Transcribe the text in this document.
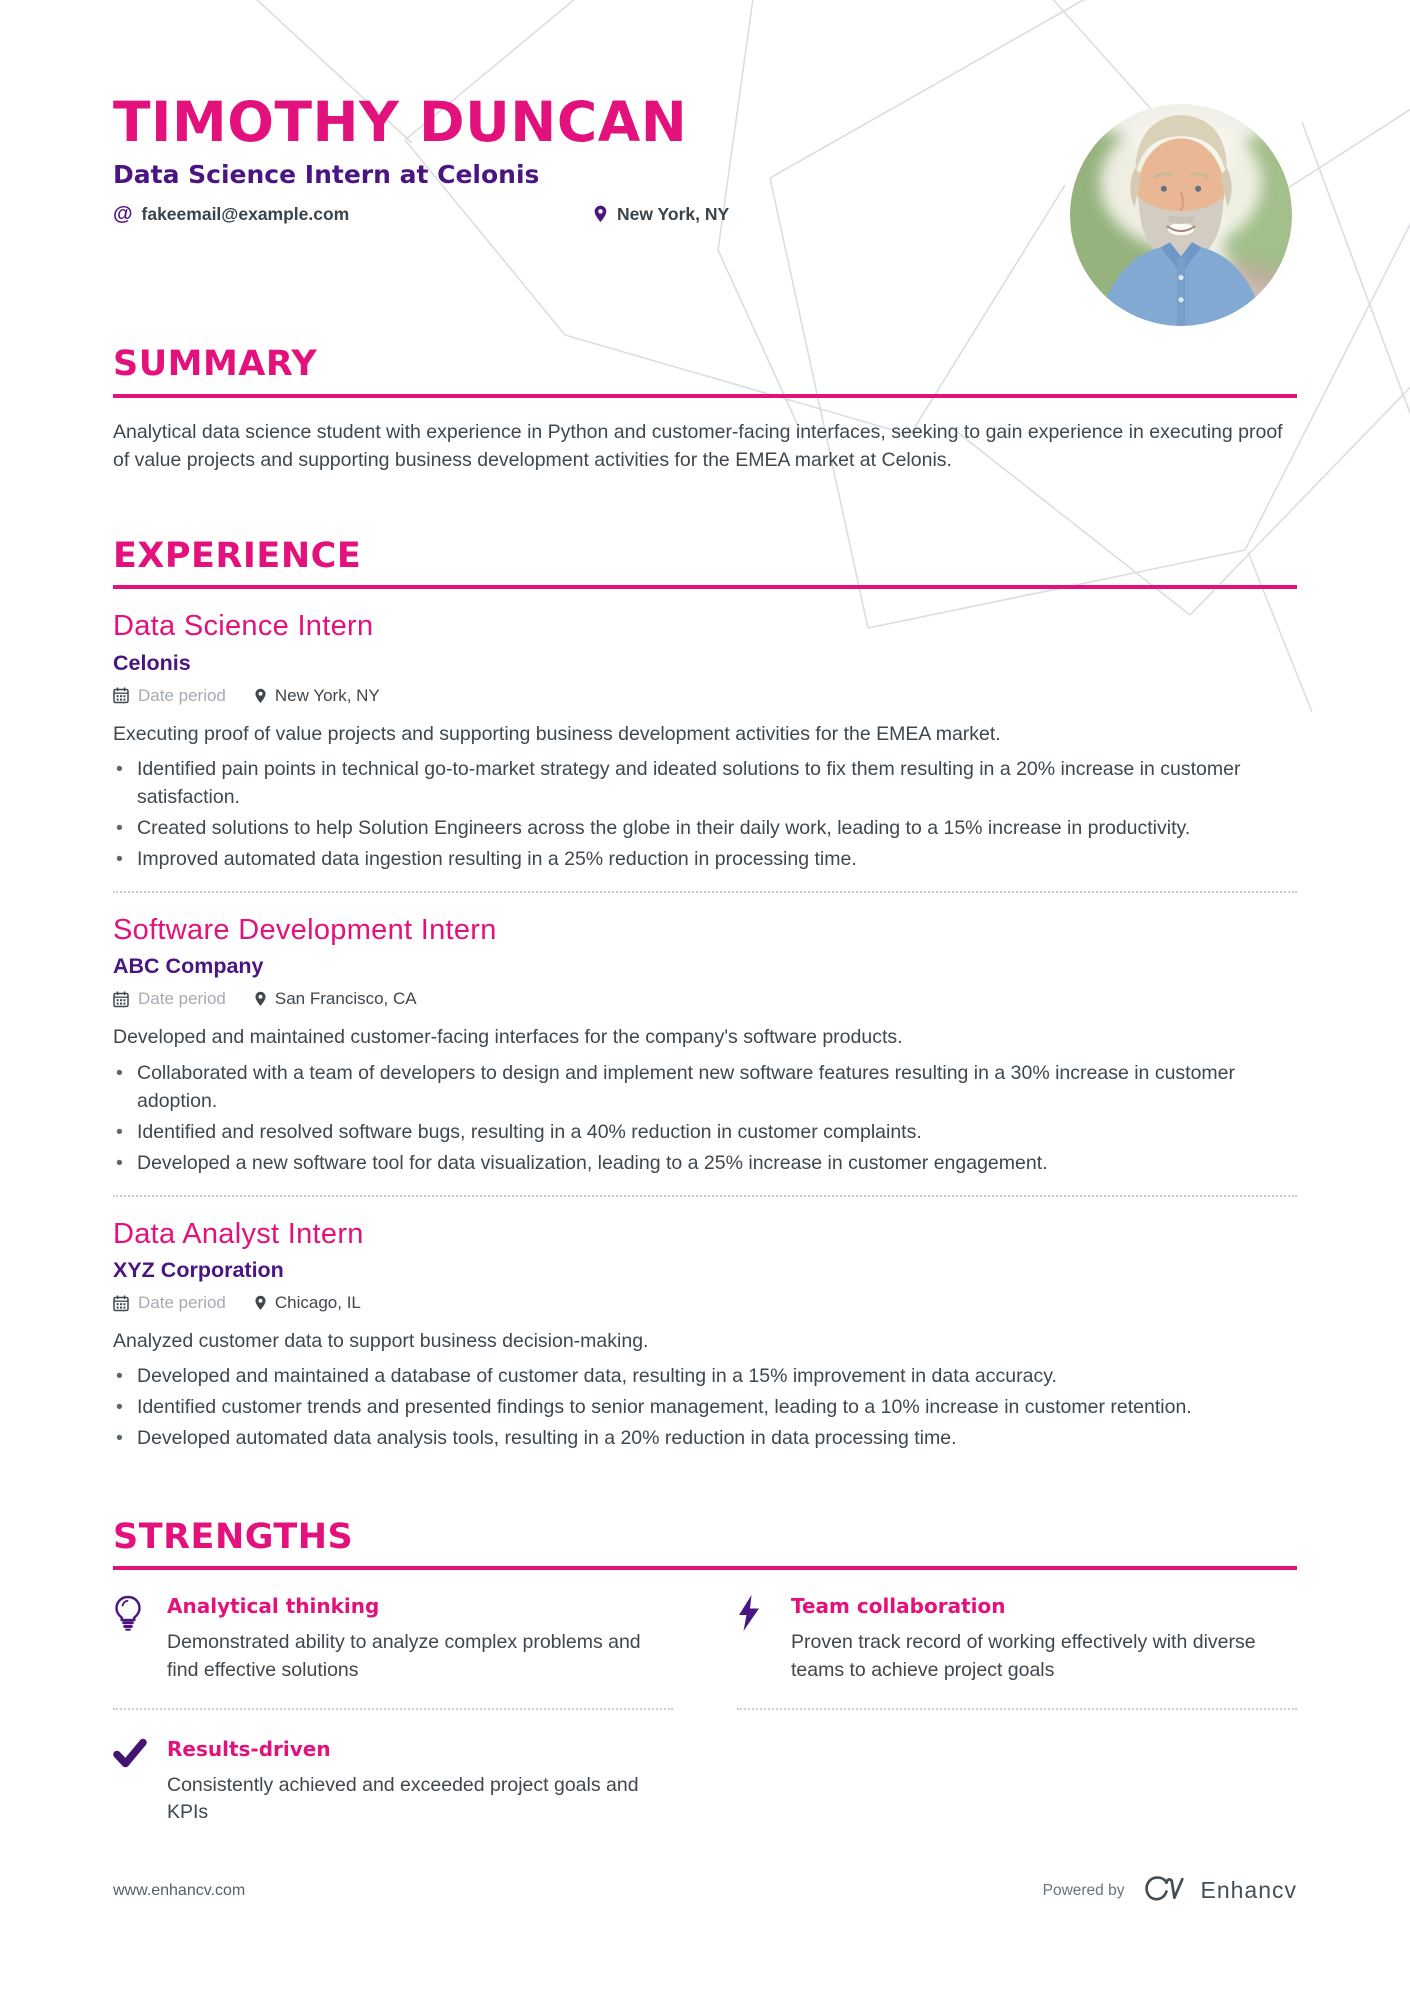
TIMOTHY DUNCAN
Data Science Intern at Celonis
@ fakeemail@example.com	New York, NY
SUMMARY

Analytical data science student with experience in Python and customer-facing interfaces, seeking to gain experience in executing proof of value projects and supporting business development activities for the EMEA market at Celonis.

EXPERIENCE
Data Science Intern
Celonis
Date period	New York, NY

Executing proof of value projects and supporting business development activities for the EMEA market.

• Identified pain points in technical go-to-market strategy and ideated solutions to fix them resulting in a 20% increase in customer satisfaction.
• Created solutions to help Solution Engineers across the globe in their daily work, leading to a 15% increase in productivity.
• Improved automated data ingestion resulting in a 25% reduction in processing time.
Software Development Intern
ABC Company
Date period	San Francisco, CA

Developed and maintained customer-facing interfaces for the company's software products.

• Collaborated with a team of developers to design and implement new software features resulting in a 30% increase in customer adoption.
• Identified and resolved software bugs, resulting in a 40% reduction in customer complaints.
• Developed a new software tool for data visualization, leading to a 25% increase in customer engagement.
Data Analyst Intern
XYZ Corporation
Date period	Chicago, IL

Analyzed customer data to support business decision-making.

• Developed and maintained a database of customer data, resulting in a 15% improvement in data accuracy.
• Identified customer trends and presented findings to senior management, leading to a 10% increase in customer retention.
• Developed automated data analysis tools, resulting in a 20% reduction in data processing time.
STRENGTHS
Analytical thinking

Demonstrated ability to analyze complex problems and find effective solutions

Team collaboration

Proven track record of working effectively with diverse teams to achieve project goals

Results-driven

Consistently achieved and exceeded project goals and KPIs

www.enhancv.com	Powered by	Enhancv
